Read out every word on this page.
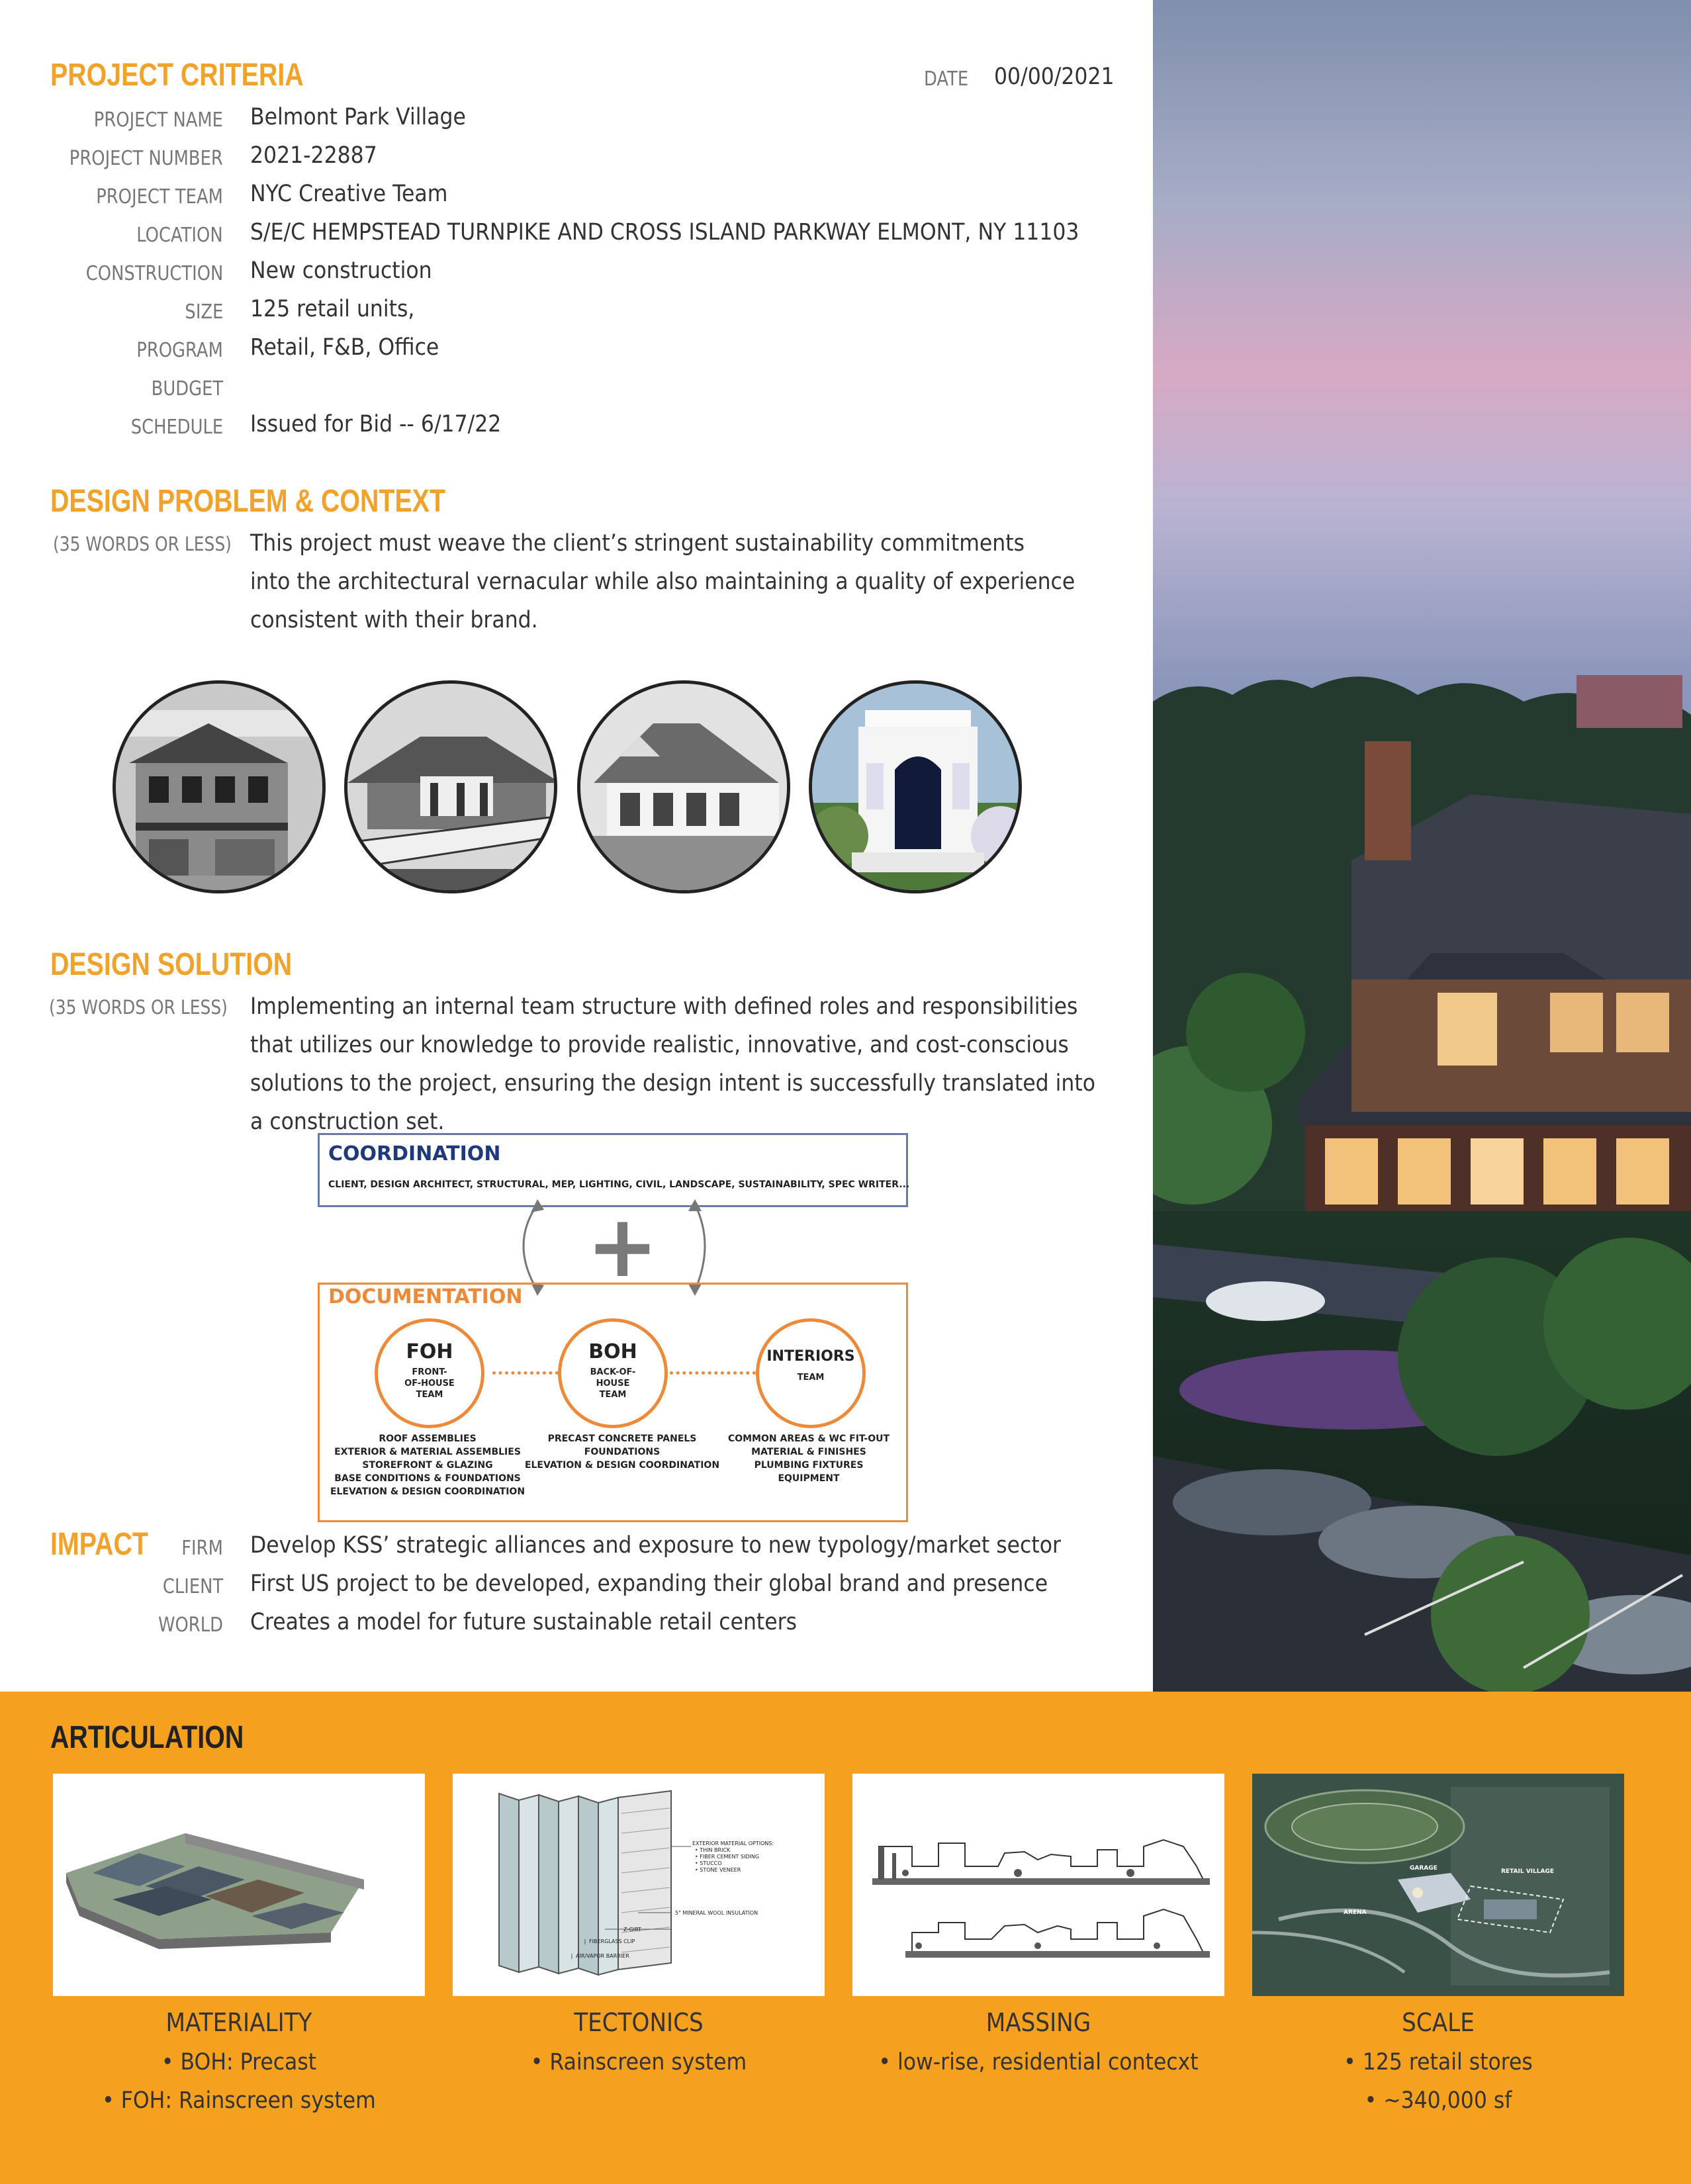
PROJECT CRITERIA	DATE 00/00/2021
PROJECT NAME Belmont Park Village
PROJECT NUMBER 2021-22887
PROJECT TEAM NYC Creative Team
LOCATION S/E/C HEMPSTEAD TURNPIKE AND CROSS ISLAND PARKWAY ELMONT, NY 11103
CONSTRUCTION New construction
SIZE 125 retail units,
PROGRAM Retail, F&B, Office
BUDGET
SCHEDULE Issued for Bid -- 6/17/22
DESIGN PROBLEM & CONTEXT
(35 WORDS OR LESS) This project must weave the client’s stringent sustainability commitments
into the architectural vernacular while also maintaining a quality of experience
consistent with their brand.
DESIGN SOLUTION
(35 WORDS OR LESS) Implementing an internal team structure with defined roles and responsibilities
that utilizes our knowledge to provide realistic, innovative, and cost-conscious
solutions to the project, ensuring the design intent is successfully translated into
a construction set.
COORDINATION
CLIENT, DESIGN ARCHITECT, STRUCTURAL, MEP, LIGHTING, CIVIL, LANDSCAPE, SUSTAINABILITY, SPEC WRITER...
+
DOCUMENTATION
FOH
FRONT-
OF-HOUSE
TEAM
BOH
BACK-OF-
HOUSE
TEAM
INTERIORS
TEAM
ROOF ASSEMBLIES
EXTERIOR & MATERIAL ASSEMBLIES
STOREFRONT & GLAZING
BASE CONDITIONS & FOUNDATIONS
ELEVATION & DESIGN COORDINATION
PRECAST CONCRETE PANELS
FOUNDATIONS
ELEVATION & DESIGN COORDINATION
COMMON AREAS & WC FIT-OUT
MATERIAL & FINISHES
PLUMBING FIXTURES
EQUIPMENT
IMPACT FIRM Develop KSS’ strategic alliances and exposure to new typology/market sector
CLIENT First US project to be developed, expanding their global brand and presence
WORLD Creates a model for future sustainable retail centers
ARTICULATION
EXTERIOR MATERIAL OPTIONS:
• THIN BRICK
• FIBER CEMENT SIDING
• STUCCO
• STONE VENEER
5" MINERAL WOOL INSULATION
Z-GIRT
FIBERGLASS CLIP
AIR/VAPOR BARRIER
GARAGE	RETAIL VILLAGE
ARENA
MATERIALITY
• BOH: Precast
• FOH: Rainscreen system
TECTONICS
• Rainscreen system
MASSING
• low-rise, residential contecxt
SCALE
• 125 retail stores
• ~340,000 sf
